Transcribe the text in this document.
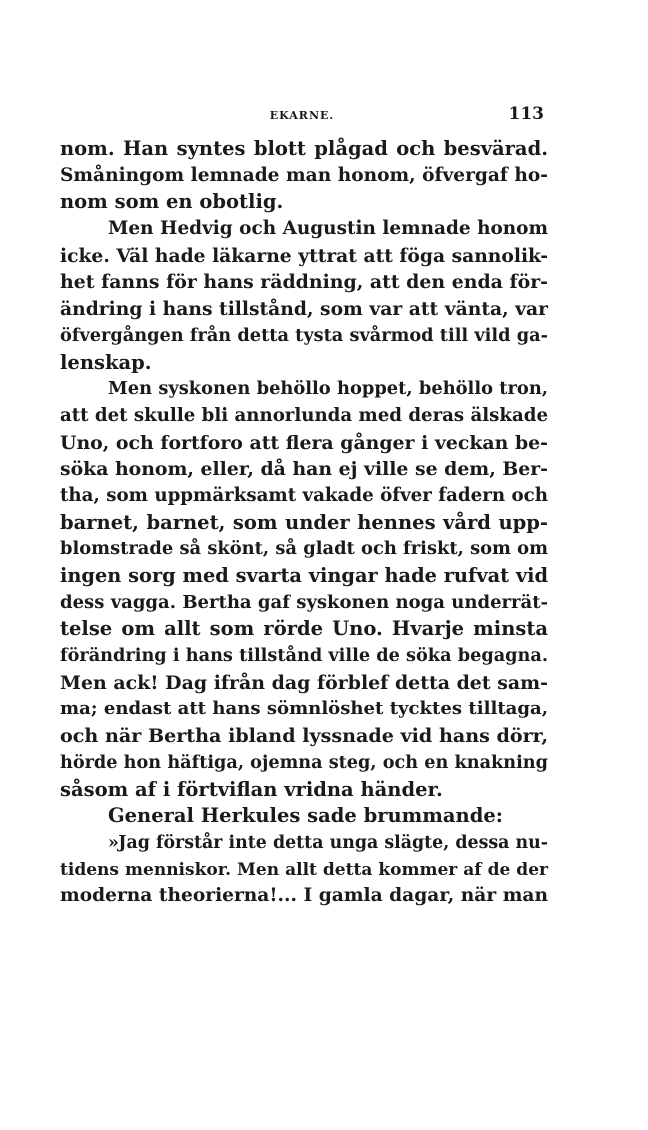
EKARNE.	113
nom. Han syntes blott plågad och besvärad.
Småningom lemnade man honom, öfvergaf ho-
nom som en obotlig.
Men Hedvig och Augustin lemnade honom
icke. Väl hade läkarne yttrat att föga sannolik-
het fanns för hans räddning, att den enda för-
ändring i hans tillstånd, som var att vänta, var
öfvergången från detta tysta svårmod till vild ga-
lenskap.
Men syskonen behöllo hoppet, behöllo tron,
att det skulle bli annorlunda med deras älskade
Uno, och fortforo att flera gånger i veckan be-
söka honom, eller, då han ej ville se dem, Ber-
tha, som uppmärksamt vakade öfver fadern och
barnet, barnet, som under hennes vård upp-
blomstrade så skönt, så gladt och friskt, som om
ingen sorg med svarta vingar hade rufvat vid
dess vagga. Bertha gaf syskonen noga underrät-
telse om allt som rörde Uno. Hvarje minsta
förändring i hans tillstånd ville de söka begagna.
Men ack! Dag ifrån dag förblef detta det sam-
ma; endast att hans sömnlöshet tycktes tilltaga,
och när Bertha ibland lyssnade vid hans dörr,
hörde hon häftiga, ojemna steg, och en knakning
såsom af i förtviflan vridna händer.
General Herkules sade brummande:
»Jag förstår inte detta unga slägte, dessa nu-
tidens menniskor. Men allt detta kommer af de der
moderna theorierna!... I gamla dagar, när man
